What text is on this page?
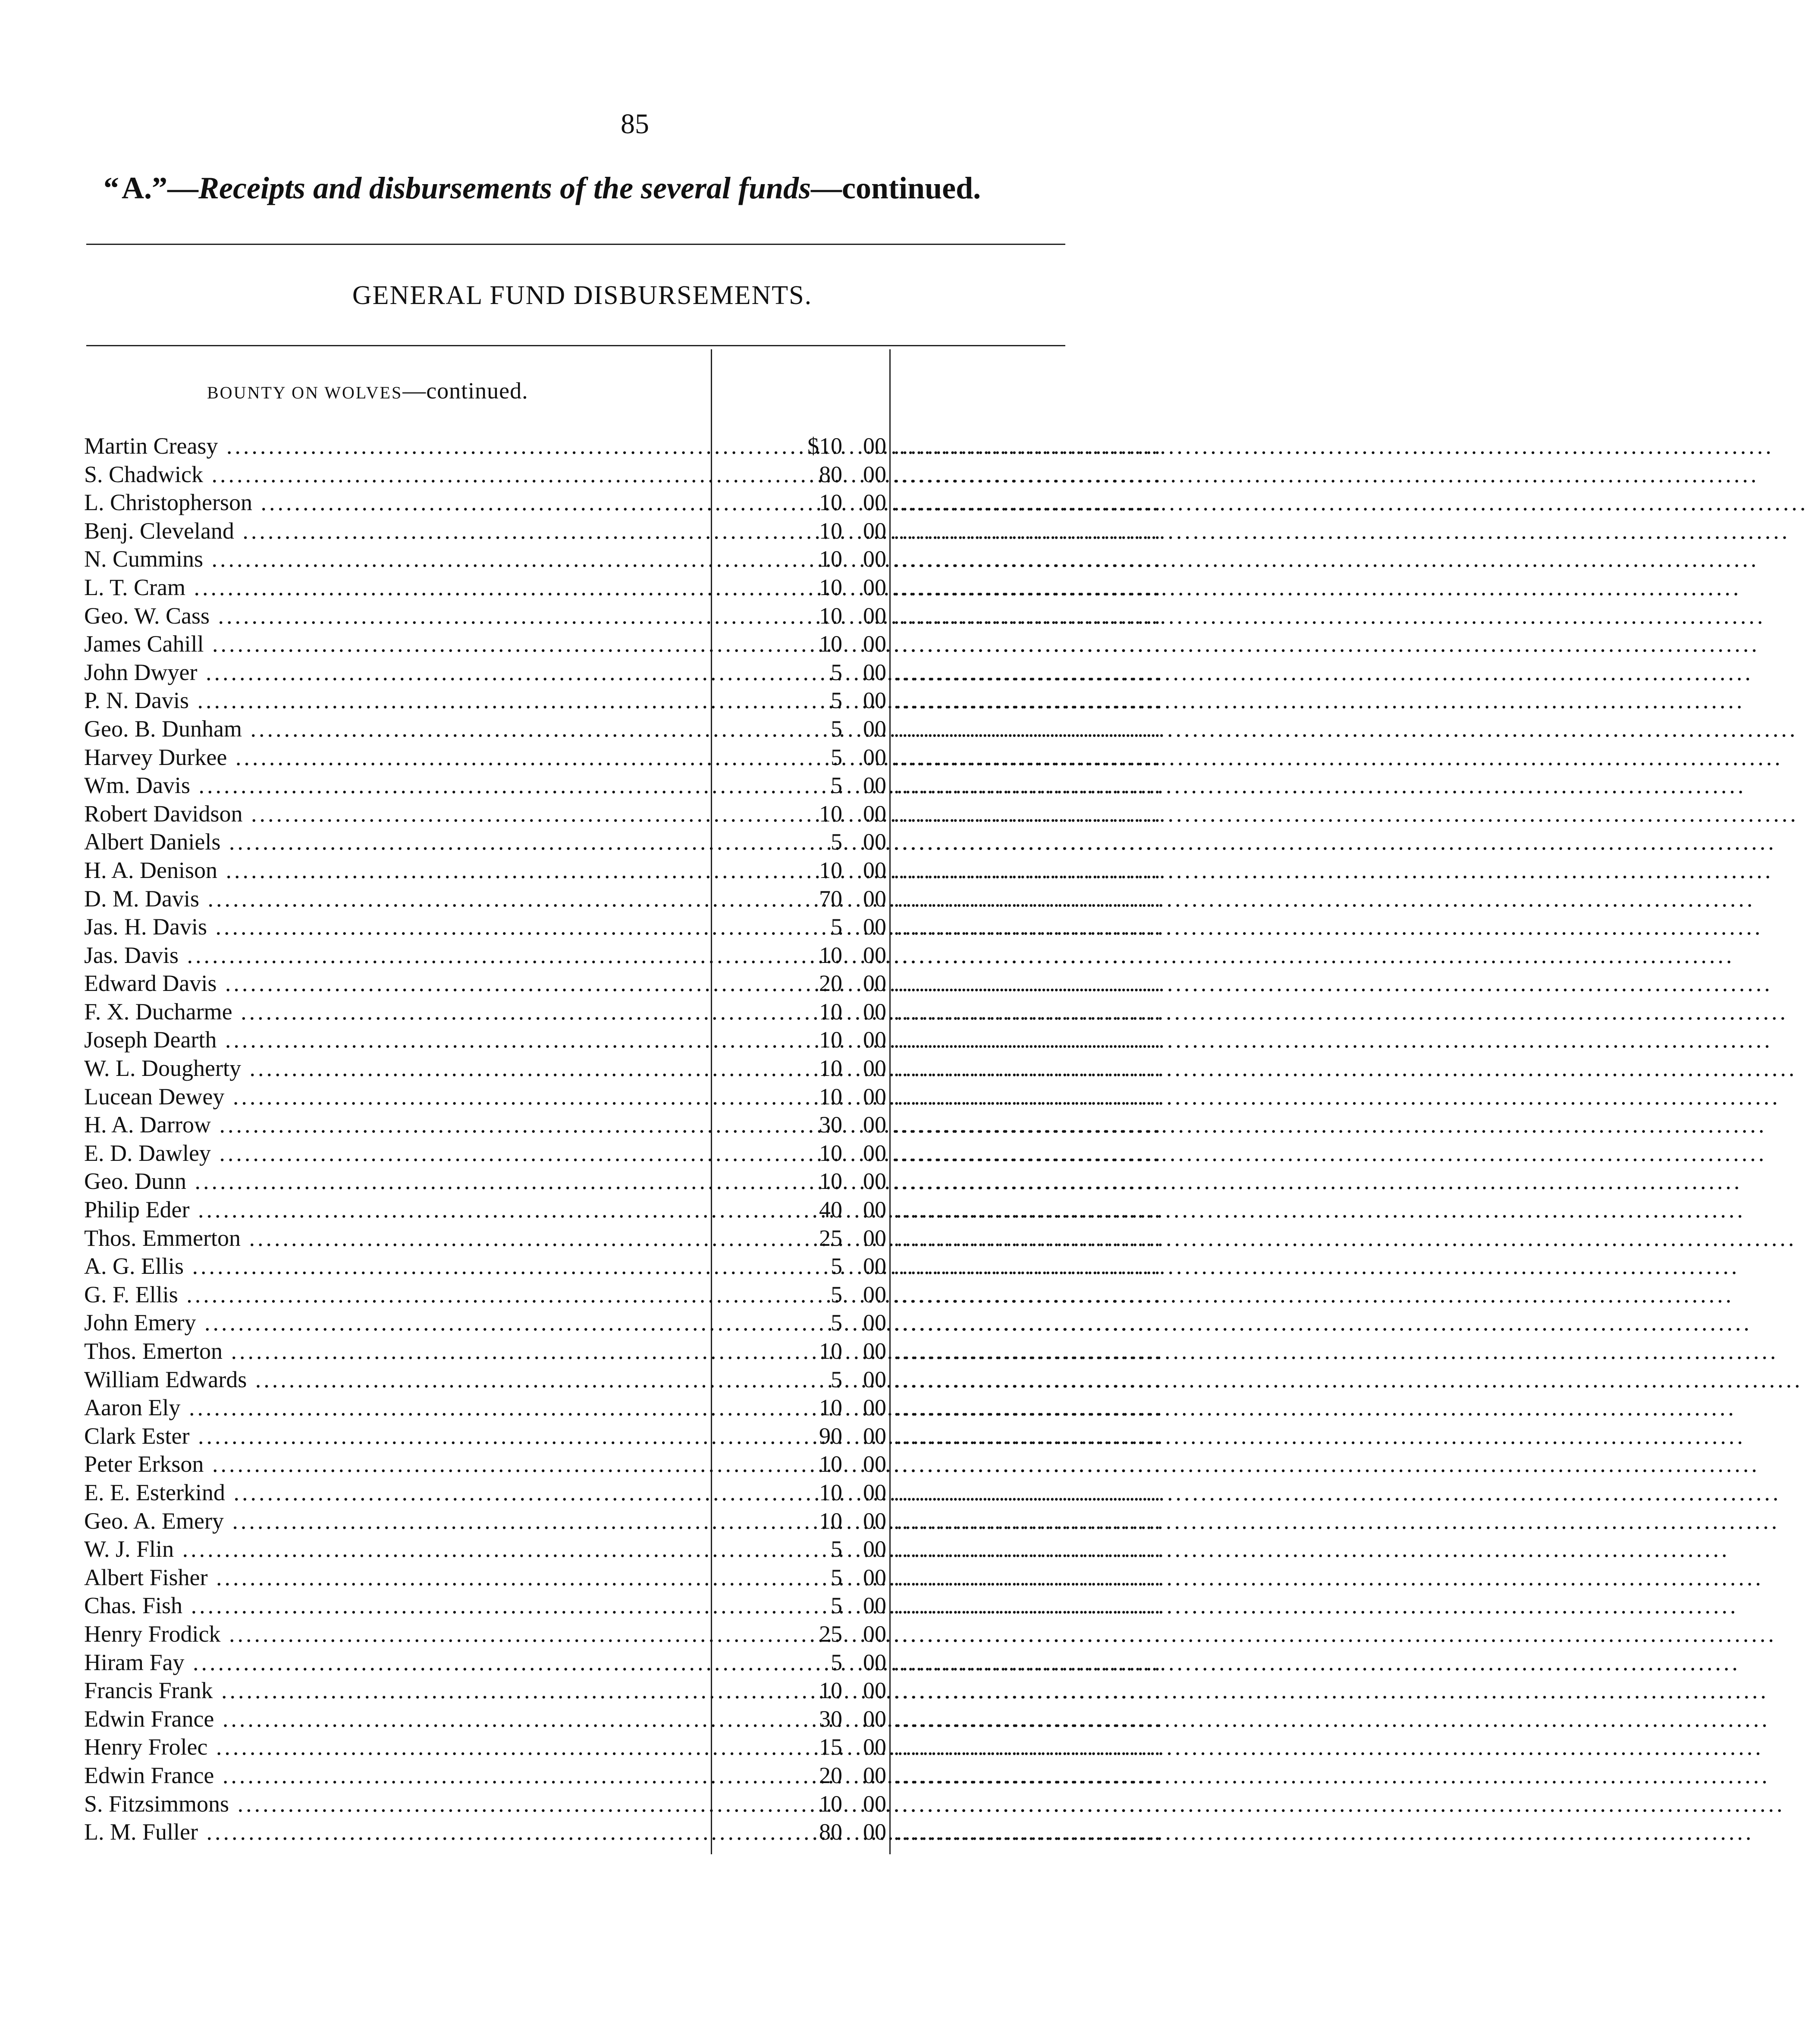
85
“ A.”—Receipts and disbursements of the several funds—continued.
GENERAL FUND DISBURSEMENTS.
BOUNTY ON WOLVES—continued.
Martin Creasy .....	$10 00 ................................
S. Chadwick .....	80 00 ................................
L. Christopherson .....	10 00 ................................
Benj. Cleveland .....	10 00 ................................
N. Cummins .....	10 00 ................................
L. T. Cram .....	10 00 ................................
Geo. W. Cass .....	10 00 ................................
James Cahill .....	10 00 ................................
John Dwyer .....	5 00 ................................
P. N. Davis .....	5 00 ................................
Geo. B. Dunham .....	5 00 ................................
Harvey Durkee .....	5 00 ................................
Wm. Davis .....	5 00 ................................
Robert Davidson .....	10 00 ................................
Albert Daniels .....	5 00 ................................
H. A. Denison .....	10 00 ................................
D. M. Davis .....	70 00 ................................
Jas. H. Davis .....	5 00 ................................
Jas. Davis .....	10 00 ................................
Edward Davis .....	20 00 ................................
F. X. Ducharme .....	10 00 ................................
Joseph Dearth .....	10 00 ................................
W. L. Dougherty .....	10 00 ................................
Lucean Dewey .....	10 00 ................................
H. A. Darrow .....	30 00 ................................
E. D. Dawley .....	10 00 ................................
Geo. Dunn .....	10 00 ................................
Philip Eder .....	40 00 ................................
Thos. Emmerton .....	25 00 ................................
A. G. Ellis .....	5 00 ................................
G. F. Ellis .....	5 00 ................................
John Emery .....	5 00 ................................
Thos. Emerton .....	10 00 ................................
William Edwards .....	5 00 ................................
Aaron Ely .....	10 00 ................................
Clark Ester .....	90 00 ................................
Peter Erkson .....	10 00 ................................
E. E. Esterkind .....	10 00 ................................
Geo. A. Emery .....	10 00 ................................
W. J. Flin .....	5 00 ................................
Albert Fisher .....	5 00 ................................
Chas. Fish .....	5 00 ................................
Henry Frodick .....	25 00 ................................
Hiram Fay .....	5 00 ................................
Francis Frank .....	10 00 ................................
Edwin France .....	30 00 ................................
Henry Frolec .....	15 00 ................................
Edwin France .....	20 00 ................................
S. Fitzsimmons .....	10 00 ................................
L. M. Fuller .....	80 00 ................................
